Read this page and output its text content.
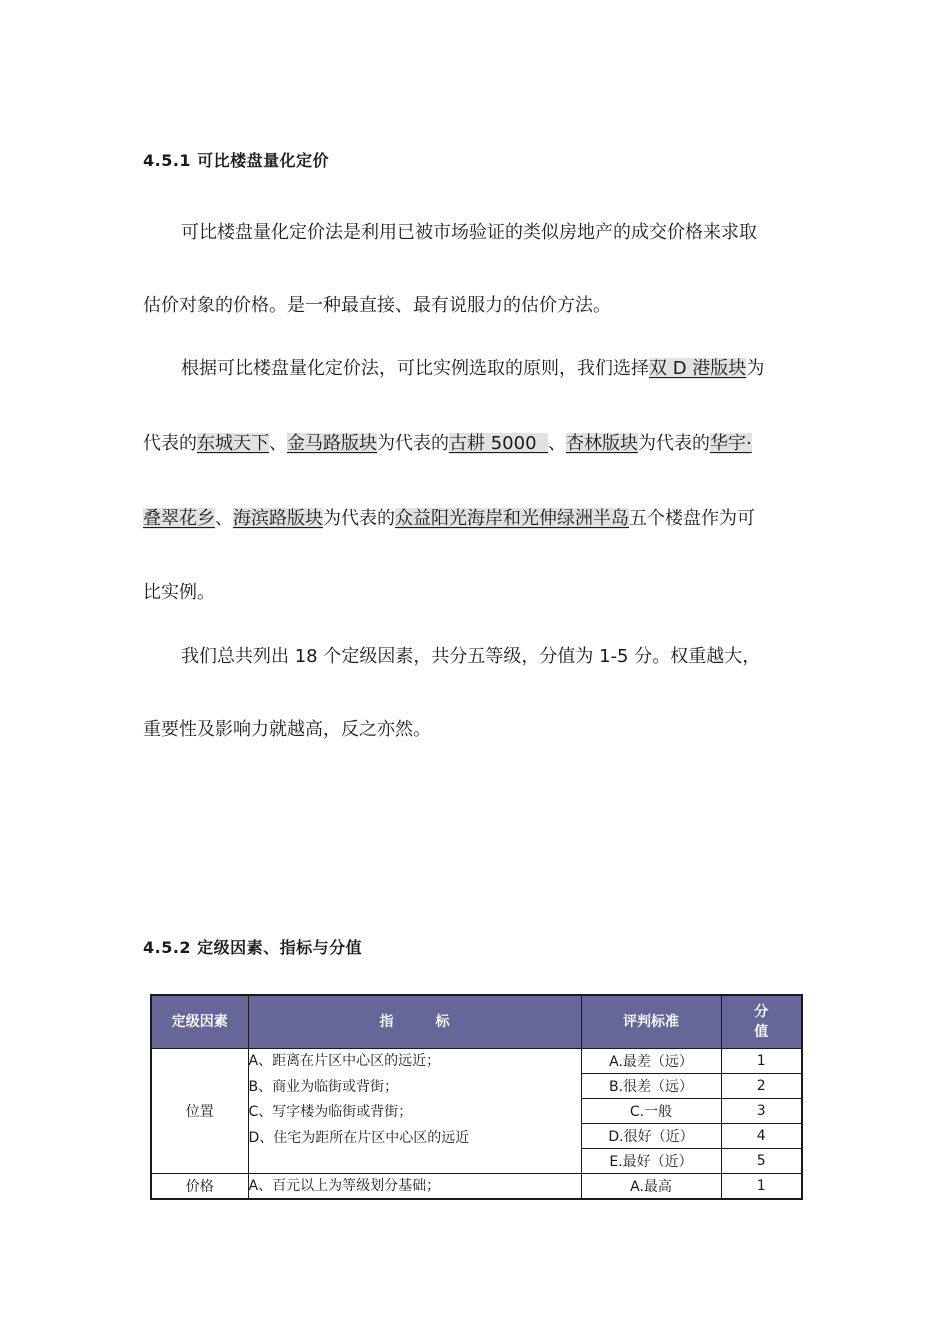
4.5.1 可比楼盘量化定价
可比楼盘量化定价法是利用已被市场验证的类似房地产的成交价格来求取
估价对象的价格。是一种最直接、最有说服力的估价方法。
根据可比楼盘量化定价法，可比实例选取的原则，我们选择双 D 港版块为
代表的东城天下、金马路版块为代表的古耕 5000  、杏林版块为代表的华宇·
叠翠花乡、海滨路版块为代表的众益阳光海岸和光伸绿洲半岛五个楼盘作为可
比实例。
我们总共列出 18 个定级因素，共分五等级，分值为 1-5 分。权重越大，
重要性及影响力就越高，反之亦然。
4.5.2 定级因素、指标与分值
定级因素	指　　　标	评判标准	分
值

位置	A、距离在片区中心区的远近；
B、商业为临街或背街；
C、写字楼为临街或背街；
D、住宅为距所在片区中心区的远近	A.最差（远）	1
		B.很差（远）	2
		C.一般	3
		D.很好（近）	4
		E.最好（近）	5
价格	A、百元以上为等级划分基础；	A.最高	1
